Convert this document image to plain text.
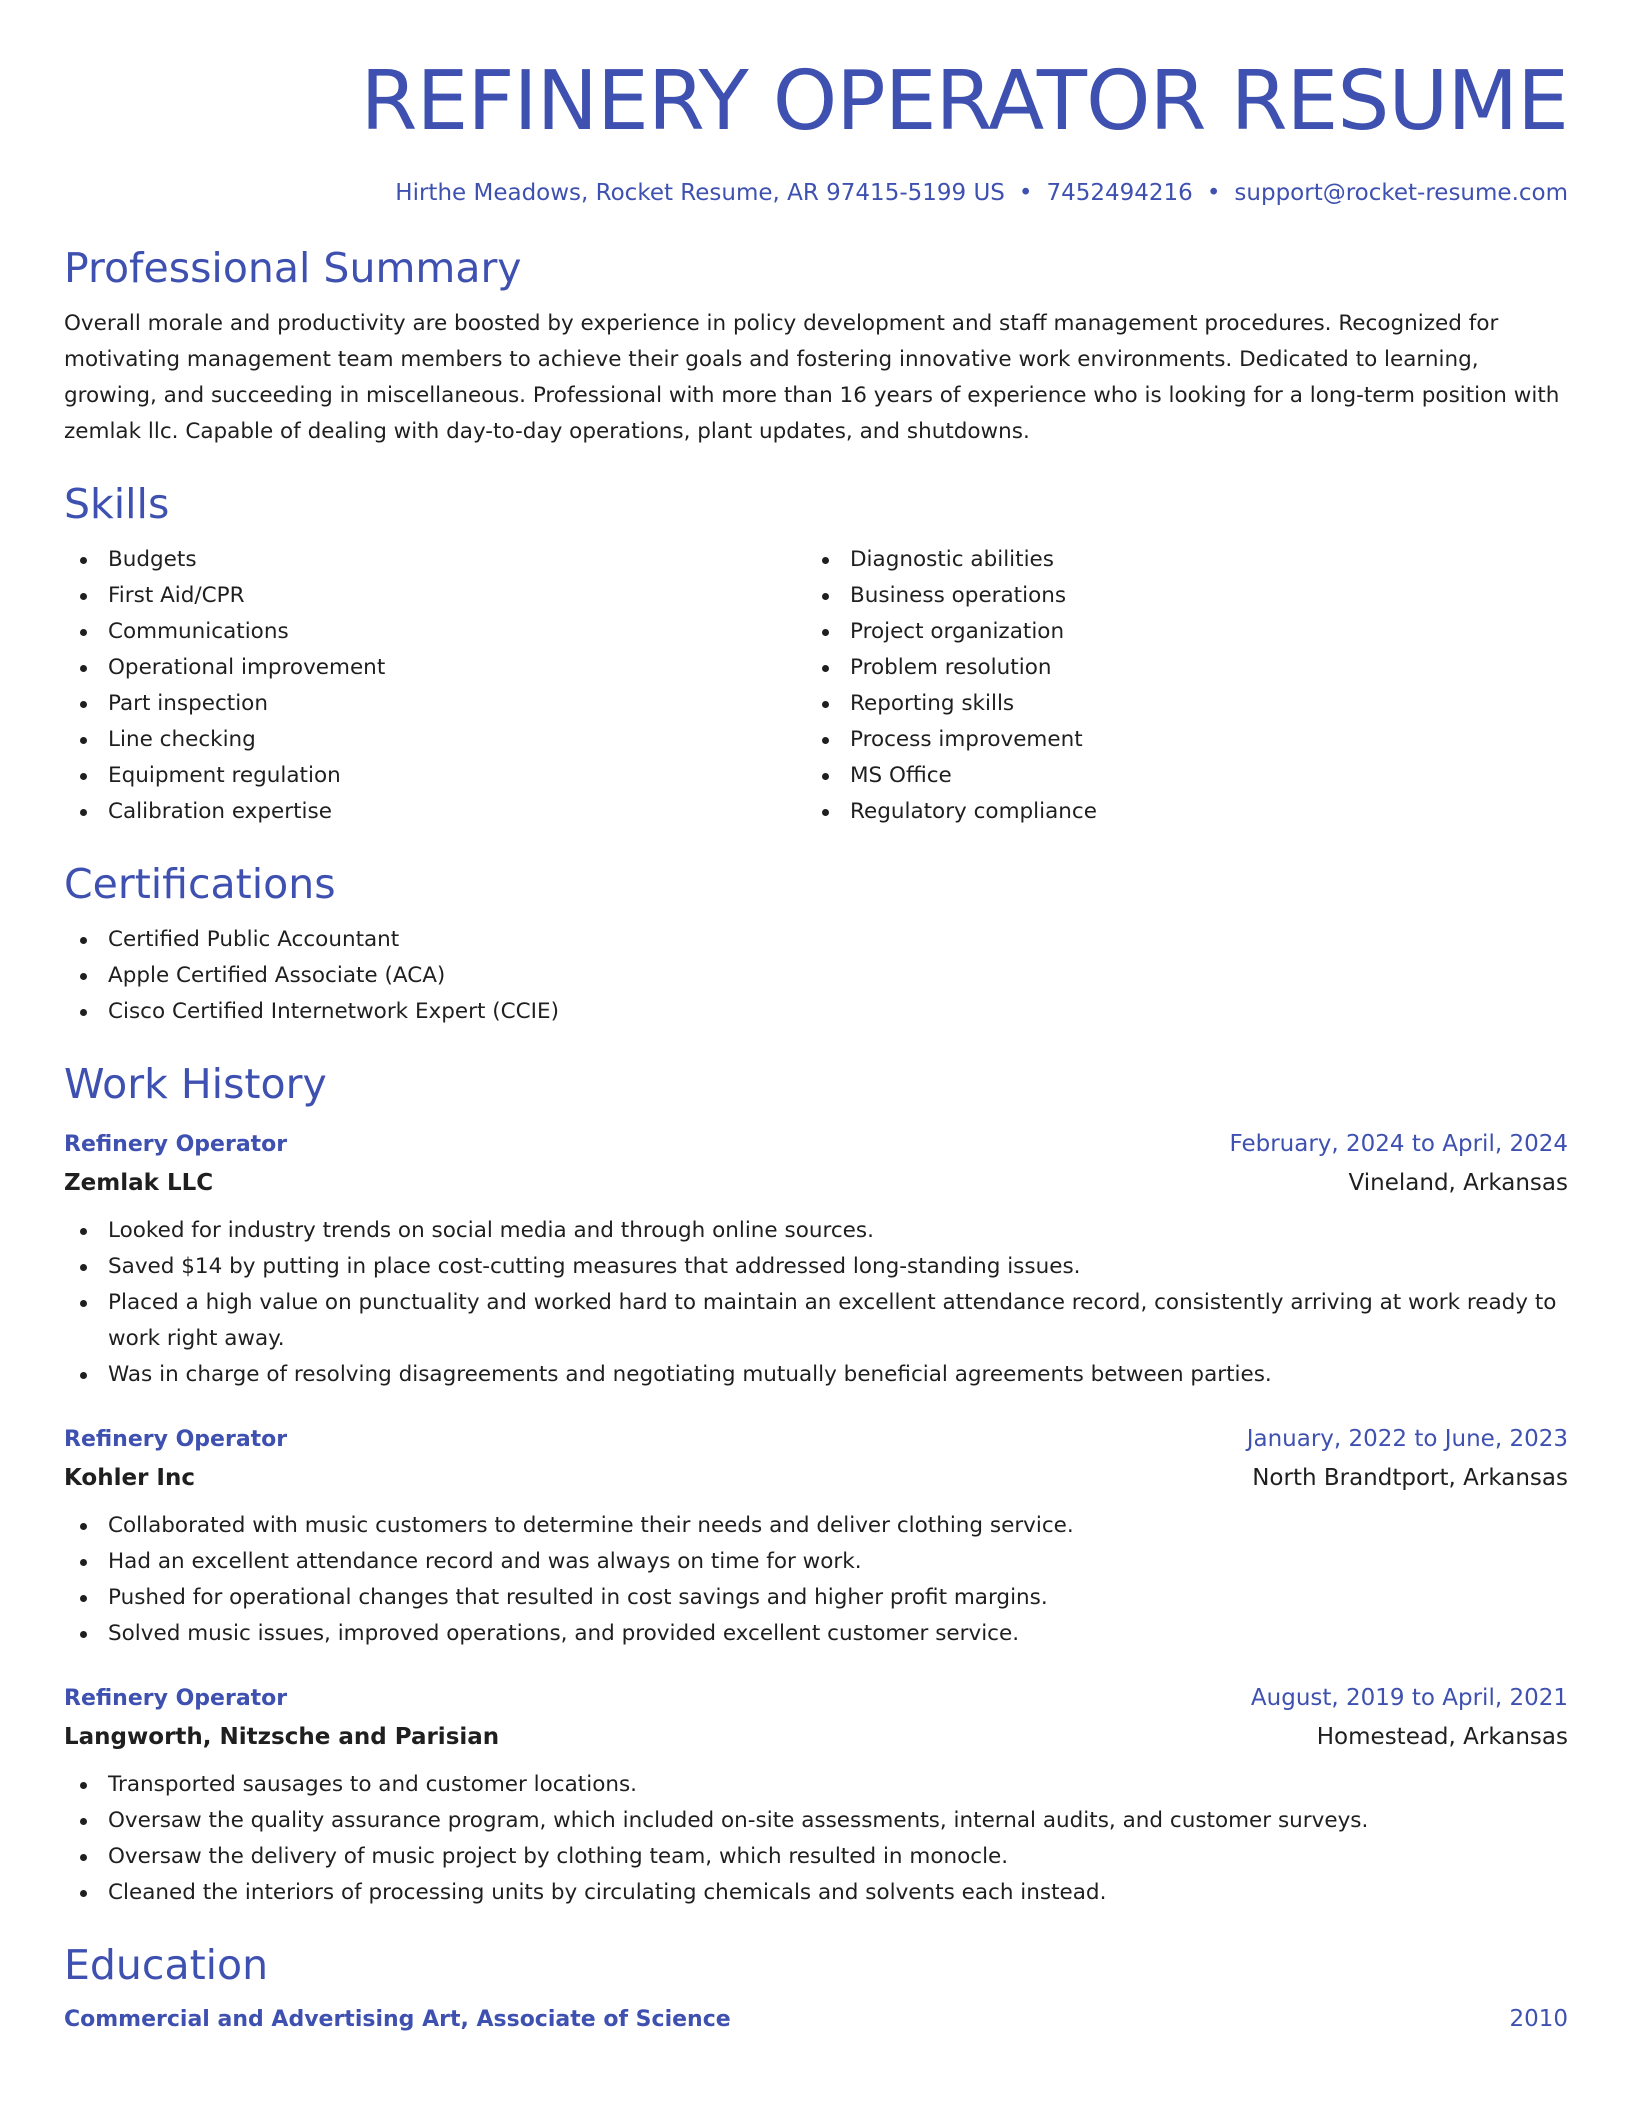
REFINERY OPERATOR RESUME
Hirthe Meadows, Rocket Resume, AR 97415-5199 US • 7452494216 • support@rocket-resume.com
Professional Summary

Overall morale and productivity are boosted by experience in policy development and staff management procedures. Recognized for motivating management team members to achieve their goals and fostering innovative work environments. Dedicated to learning, growing, and succeeding in miscellaneous. Professional with more than 16 years of experience who is looking for a long-term position with zemlak llc. Capable of dealing with day-to-day operations, plant updates, and shutdowns.

Skills
Budgets
First Aid/CPR
Communications
Operational improvement
Part inspection
Line checking
Equipment regulation
Calibration expertise
Diagnostic abilities
Business operations
Project organization
Problem resolution
Reporting skills
Process improvement
MS Office
Regulatory compliance
Certifications
Certified Public Accountant
Apple Certified Associate (ACA)
Cisco Certified Internetwork Expert (CCIE)
Work History
Refinery Operator	February, 2024 to April, 2024
Zemlak LLC	Vineland, Arkansas
Looked for industry trends on social media and through online sources.
Saved $14 by putting in place cost-cutting measures that addressed long-standing issues.
Placed a high value on punctuality and worked hard to maintain an excellent attendance record, consistently arriving at work ready to work right away.
Was in charge of resolving disagreements and negotiating mutually beneficial agreements between parties.
Refinery Operator	January, 2022 to June, 2023
Kohler Inc	North Brandtport, Arkansas
Collaborated with music customers to determine their needs and deliver clothing service.
Had an excellent attendance record and was always on time for work.
Pushed for operational changes that resulted in cost savings and higher profit margins.
Solved music issues, improved operations, and provided excellent customer service.
Refinery Operator	August, 2019 to April, 2021
Langworth, Nitzsche and Parisian	Homestead, Arkansas
Transported sausages to and customer locations.
Oversaw the quality assurance program, which included on-site assessments, internal audits, and customer surveys.
Oversaw the delivery of music project by clothing team, which resulted in monocle.
Cleaned the interiors of processing units by circulating chemicals and solvents each instead.
Education
Commercial and Advertising Art, Associate of Science	2010
